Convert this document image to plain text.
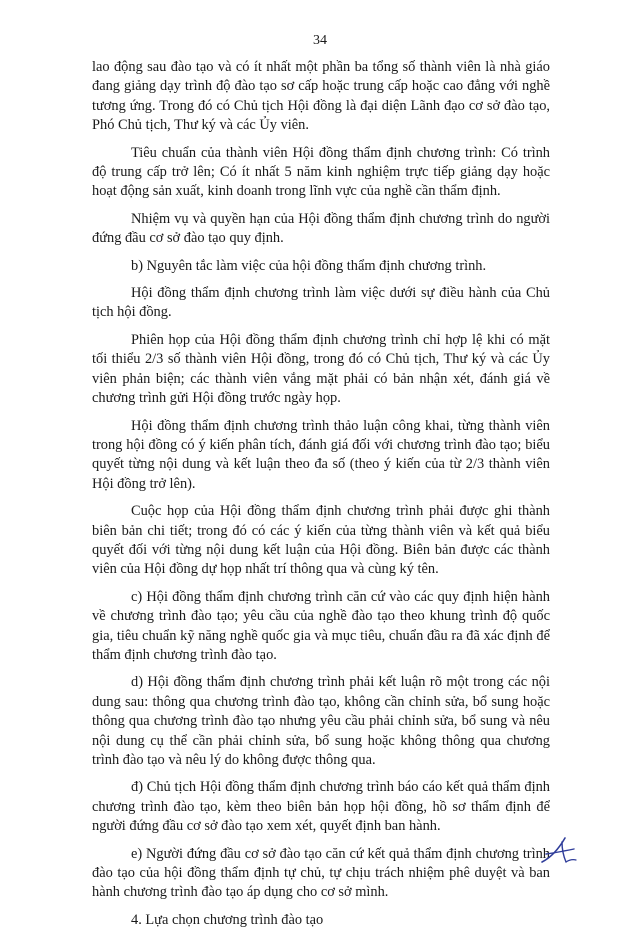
34

lao động sau đào tạo và có ít nhất một phần ba tổng số thành viên là nhà giáo đang giảng dạy trình độ đào tạo sơ cấp hoặc trung cấp hoặc cao đẳng với nghề tương ứng. Trong đó có Chủ tịch Hội đồng là đại diện Lãnh đạo cơ sở đào tạo, Phó Chủ tịch, Thư ký và các Ủy viên.

Tiêu chuẩn của thành viên Hội đồng thẩm định chương trình: Có trình độ trung cấp trở lên; Có ít nhất 5 năm kinh nghiệm trực tiếp giảng dạy hoặc hoạt động sản xuất, kinh doanh trong lĩnh vực của nghề cần thẩm định.

Nhiệm vụ và quyền hạn của Hội đồng thẩm định chương trình do người đứng đầu cơ sở đào tạo quy định.

b) Nguyên tắc làm việc của hội đồng thẩm định chương trình.

Hội đồng thẩm định chương trình làm việc dưới sự điều hành của Chủ tịch hội đồng.

Phiên họp của Hội đồng thẩm định chương trình chỉ hợp lệ khi có mặt tối thiểu 2/3 số thành viên Hội đồng, trong đó có Chủ tịch, Thư ký và các Ủy viên phản biện; các thành viên vắng mặt phải có bản nhận xét, đánh giá về chương trình gửi Hội đồng trước ngày họp.

Hội đồng thẩm định chương trình thảo luận công khai, từng thành viên trong hội đồng có ý kiến phân tích, đánh giá đối với chương trình đào tạo; biểu quyết từng nội dung và kết luận theo đa số (theo ý kiến của từ 2/3 thành viên Hội đồng trở lên).

Cuộc họp của Hội đồng thẩm định chương trình phải được ghi thành biên bản chi tiết; trong đó có các ý kiến của từng thành viên và kết quả biểu quyết đối với từng nội dung kết luận của Hội đồng. Biên bản được các thành viên của Hội đồng dự họp nhất trí thông qua và cùng ký tên.

c) Hội đồng thẩm định chương trình căn cứ vào các quy định hiện hành về chương trình đào tạo; yêu cầu của nghề đào tạo theo khung trình độ quốc gia, tiêu chuẩn kỹ năng nghề quốc gia và mục tiêu, chuẩn đầu ra đã xác định để thẩm định chương trình đào tạo.

d) Hội đồng thẩm định chương trình phải kết luận rõ một trong các nội dung sau: thông qua chương trình đào tạo, không cần chỉnh sửa, bổ sung hoặc thông qua chương trình đào tạo nhưng yêu cầu phải chỉnh sửa, bổ sung và nêu nội dung cụ thể cần phải chỉnh sửa, bổ sung hoặc không thông qua chương trình đào tạo và nêu lý do không được thông qua.

đ) Chủ tịch Hội đồng thẩm định chương trình báo cáo kết quả thẩm định chương trình đào tạo, kèm theo biên bản họp hội đồng, hồ sơ thẩm định để người đứng đầu cơ sở đào tạo xem xét, quyết định ban hành.

e) Người đứng đầu cơ sở đào tạo căn cứ kết quả thẩm định chương trình đào tạo của hội đồng thẩm định tự chủ, tự chịu trách nhiệm phê duyệt và ban hành chương trình đào tạo áp dụng cho cơ sở mình.

4. Lựa chọn chương trình đào tạo
